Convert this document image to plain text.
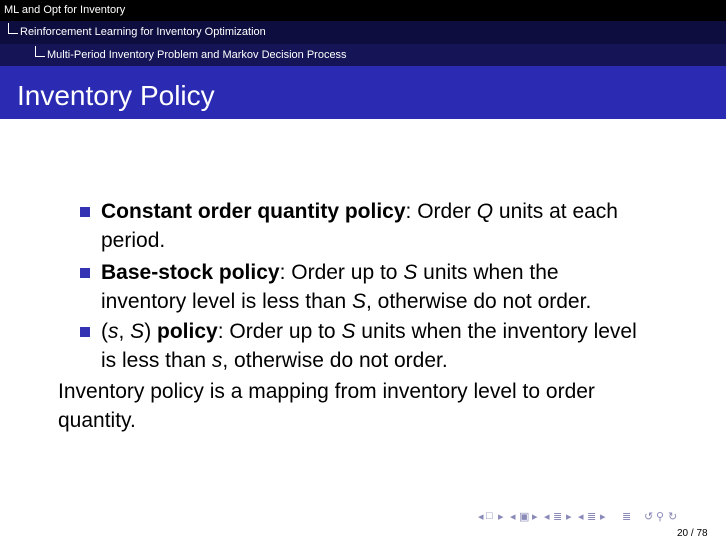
ML and Opt for Inventory
Reinforcement Learning for Inventory Optimization
Multi-Period Inventory Problem and Markov Decision Process
Inventory Policy
Constant order quantity policy: Order Q units at each
period.
Base-stock policy: Order up to S units when the
inventory level is less than S, otherwise do not order.
(s, S) policy: Order up to S units when the inventory level
is less than s, otherwise do not order.
Inventory policy is a mapping from inventory level to order
quantity.
◂ □ ▸ ◂ ▣ ▸ ◂ ≣ ▸ ◂ ≣ ▸ ≣ ↺ ⚲ ↻
20 / 78
